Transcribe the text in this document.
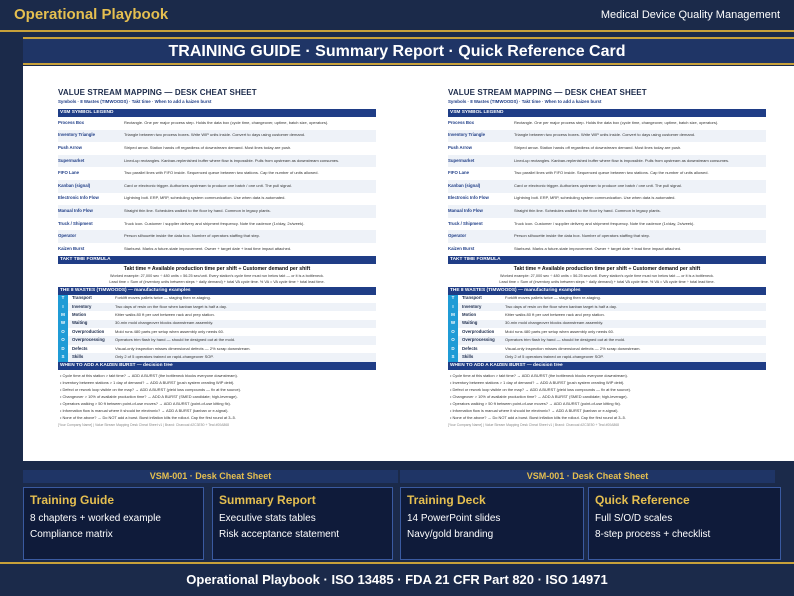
Operational Playbook	Medical Device Quality Management
TRAINING GUIDE · Summary Report · Quick Reference Card
VALUE STREAM MAPPING — DESK CHEAT SHEET
Symbols · 8 Wastes (TIMWOODS) · Takt time · When to add a kaizen burst
VSM SYMBOL LEGEND
Process Box	Rectangle. One per major process step. Holds the data box (cycle time, changeover, uptime, batch size, operators).
Inventory Triangle	Triangle between two process boxes. Write WIP units inside. Convert to days using customer demand.
Push Arrow	Striped arrow. Station hands off regardless of downstream demand. Most lines today are push.
Supermarket	Lined-up rectangles. Kanban-replenished buffer where flow is impossible. Pulls from upstream as downstream consumes.
FIFO Lane	Two parallel lines with FIFO inside. Sequenced queue between two stations. Cap the number of units allowed.
Kanban (signal)	Card or electronic trigger. Authorizes upstream to produce one batch / one unit. The pull signal.
Electronic Info Flow	Lightning bolt. ERP, MRP, scheduling system communication. Use when data is automated.
Manual Info Flow	Straight thin line. Schedules walked to the floor by hand. Common in legacy plants.
Truck / Shipment	Truck icon. Customer / supplier delivery and shipment frequency. Note the cadence (1x/day, 2x/week).
Operator	Person silhouette inside the data box. Number of operators staffing that step.
Kaizen Burst	Starburst. Marks a future-state improvement. Owner + target date + lead time impact attached.
TAKT TIME FORMULA
Takt time = Available production time per shift ÷ Customer demand per shift
Worked example: 27,000 sec ÷ 480 units = 56.25 sec/unit. Every station's cycle time must run below takt — or it is a bottleneck.
Lead time = Sum of (inventory units between steps ÷ daily demand) + total VA cycle time. % VA = VA cycle time ÷ total lead time.
THE 8 WASTES (TIMWOODS) — manufacturing examples
T	Transport	Forklift moves pallets twice — staging then re-staging.
I	Inventory	Two days of resin on the floor when kanban target is half a day.
M	Motion	Kitter walks 80 ft per cart between rack and prep station.
W	Waiting	30-min mold changeover blocks downstream assembly.
O	Overproduction	Mold runs 480 parts per setup when assembly only needs 60.
O	Overprocessing	Operators trim flash by hand — should be designed out at the mold.
D	Defects	Visual-only inspection misses dimensional defects — 2% scrap downstream.
S	Skills	Only 2 of 5 operators trained on rapid-changeover SOP.
WHEN TO ADD A KAIZEN BURST — decision tree
• Cycle time at this station > takt time? → ADD A BURST (the bottleneck blocks everyone downstream).
• Inventory between stations > 1 day of demand? → ADD A BURST (push system creating WIP debt).
• Defect or rework loop visible on the map? → ADD A BURST (yield loss compounds — fix at the source).
• Changeover > 10% of available production time? → ADD A BURST (SMED candidate; high-leverage).
• Operators walking > 50 ft between point-of-use moves? → ADD A BURST (point-of-use kitting fix).
• Information flow is manual where it should be electronic? → ADD A BURST (kanban or e-signal).
• None of the above? → Do NOT add a burst. Burst inflation kills the rollout. Cap the first round at 3–5.
[Your Company Name] | Value Stream Mapping Desk Cheat Sheet v1 | Brand: Charcoal #2C3E50 + Teal #00A868
VALUE STREAM MAPPING — DESK CHEAT SHEET
Symbols · 8 Wastes (TIMWOODS) · Takt time · When to add a kaizen burst
VSM SYMBOL LEGEND
Process Box	Rectangle. One per major process step. Holds the data box (cycle time, changeover, uptime, batch size, operators).
Inventory Triangle	Triangle between two process boxes. Write WIP units inside. Convert to days using customer demand.
Push Arrow	Striped arrow. Station hands off regardless of downstream demand. Most lines today are push.
Supermarket	Lined-up rectangles. Kanban-replenished buffer where flow is impossible. Pulls from upstream as downstream consumes.
FIFO Lane	Two parallel lines with FIFO inside. Sequenced queue between two stations. Cap the number of units allowed.
Kanban (signal)	Card or electronic trigger. Authorizes upstream to produce one batch / one unit. The pull signal.
Electronic Info Flow	Lightning bolt. ERP, MRP, scheduling system communication. Use when data is automated.
Manual Info Flow	Straight thin line. Schedules walked to the floor by hand. Common in legacy plants.
Truck / Shipment	Truck icon. Customer / supplier delivery and shipment frequency. Note the cadence (1x/day, 2x/week).
Operator	Person silhouette inside the data box. Number of operators staffing that step.
Kaizen Burst	Starburst. Marks a future-state improvement. Owner + target date + lead time impact attached.
TAKT TIME FORMULA
Takt time = Available production time per shift ÷ Customer demand per shift
Worked example: 27,000 sec ÷ 480 units = 56.25 sec/unit. Every station's cycle time must run below takt — or it is a bottleneck.
Lead time = Sum of (inventory units between steps ÷ daily demand) + total VA cycle time. % VA = VA cycle time ÷ total lead time.
THE 8 WASTES (TIMWOODS) — manufacturing examples
T	Transport	Forklift moves pallets twice — staging then re-staging.
I	Inventory	Two days of resin on the floor when kanban target is half a day.
M	Motion	Kitter walks 80 ft per cart between rack and prep station.
W	Waiting	30-min mold changeover blocks downstream assembly.
O	Overproduction	Mold runs 480 parts per setup when assembly only needs 60.
O	Overprocessing	Operators trim flash by hand — should be designed out at the mold.
D	Defects	Visual-only inspection misses dimensional defects — 2% scrap downstream.
S	Skills	Only 2 of 5 operators trained on rapid-changeover SOP.
WHEN TO ADD A KAIZEN BURST — decision tree
• Cycle time at this station > takt time? → ADD A BURST (the bottleneck blocks everyone downstream).
• Inventory between stations > 1 day of demand? → ADD A BURST (push system creating WIP debt).
• Defect or rework loop visible on the map? → ADD A BURST (yield loss compounds — fix at the source).
• Changeover > 10% of available production time? → ADD A BURST (SMED candidate; high-leverage).
• Operators walking > 50 ft between point-of-use moves? → ADD A BURST (point-of-use kitting fix).
• Information flow is manual where it should be electronic? → ADD A BURST (kanban or e-signal).
• None of the above? → Do NOT add a burst. Burst inflation kills the rollout. Cap the first round at 3–5.
[Your Company Name] | Value Stream Mapping Desk Cheat Sheet v1 | Brand: Charcoal #2C3E50 + Teal #00A868
VSM-001 · Desk Cheat Sheet	VSM-001 · Desk Cheat Sheet
Training Guide
8 chapters + worked example
Compliance matrix
Summary Report
Executive stats tables
Risk acceptance statement
Training Deck
14 PowerPoint slides
Navy/gold branding
Quick Reference
Full S/O/D scales
8-step process + checklist
Operational Playbook · ISO 13485 · FDA 21 CFR Part 820 · ISO 14971
